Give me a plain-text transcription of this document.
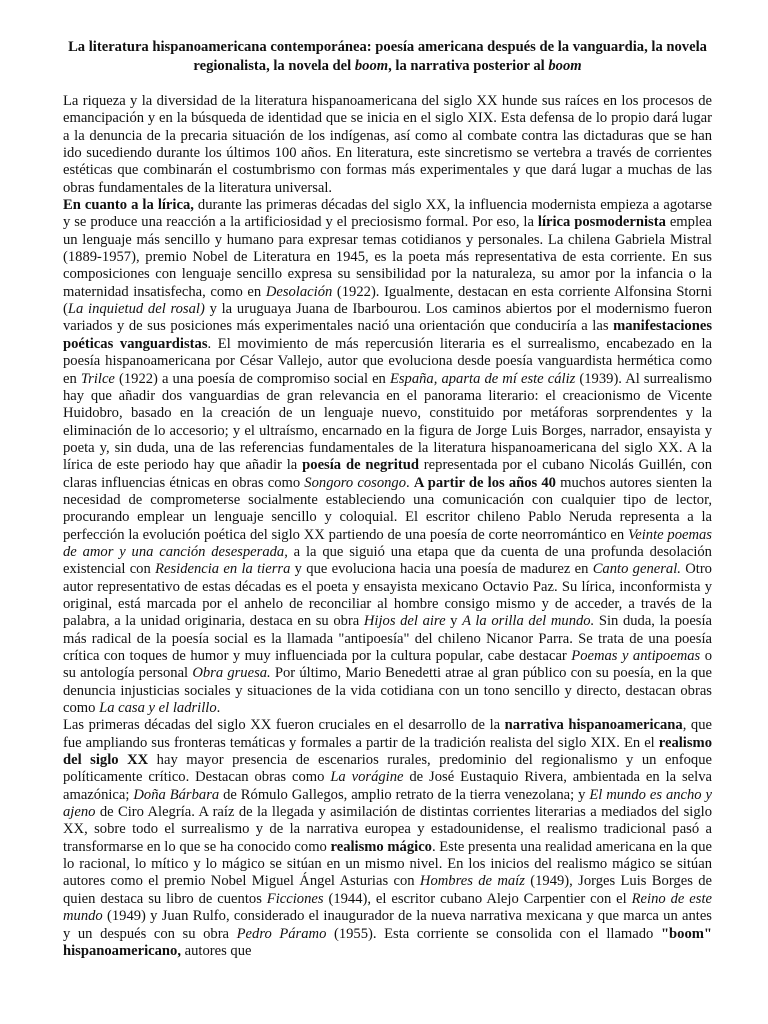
La literatura hispanoamericana contemporánea: poesía americana después de la vanguardia, la novela regionalista, la novela del boom, la narrativa posterior al boom

La riqueza y la diversidad de la literatura hispanoamericana del siglo XX hunde sus raíces en los procesos de emancipación y en la búsqueda de identidad que se inicia en el siglo XIX. Esta defensa de lo propio dará lugar a la denuncia de la precaria situación de los indígenas, así como al combate contra las dictaduras que se han ido sucediendo durante los últimos 100 años. En literatura, este sincretismo se vertebra a través de corrientes estéticas que combinarán el costumbrismo con formas más experimentales y que dará lugar a muchas de las obras fundamentales de la literatura universal.

En cuanto a la lírica, durante las primeras décadas del siglo XX, la influencia modernista empieza a agotarse y se produce una reacción a la artificiosidad y el preciosismo formal. Por eso, la lírica posmodernista emplea un lenguaje más sencillo y humano para expresar temas cotidianos y personales. La chilena Gabriela Mistral (1889-1957), premio Nobel de Literatura en 1945, es la poeta más representativa de esta corriente. En sus composiciones con lenguaje sencillo expresa su sensibilidad por la naturaleza, su amor por la infancia o la maternidad insatisfecha, como en Desolación (1922). Igualmente, destacan en esta corriente Alfonsina Storni (La inquietud del rosal) y la uruguaya Juana de Ibarbourou. Los caminos abiertos por el modernismo fueron variados y de sus posiciones más experimentales nació una orientación que conduciría a las manifestaciones poéticas vanguardistas. El movimiento de más repercusión literaria es el surrealismo, encabezado en la poesía hispanoamericana por César Vallejo, autor que evoluciona desde poesía vanguardista hermética como en Trilce (1922) a una poesía de compromiso social en España, aparta de mí este cáliz (1939). Al surrealismo hay que añadir dos vanguardias de gran relevancia en el panorama literario: el creacionismo de Vicente Huidobro, basado en la creación de un lenguaje nuevo, constituido por metáforas sorprendentes y la eliminación de lo accesorio; y el ultraísmo, encarnado en la figura de Jorge Luis Borges, narrador, ensayista y poeta y, sin duda, una de las referencias fundamentales de la literatura hispanoamericana del siglo XX. A la lírica de este periodo hay que añadir la poesía de negritud representada por el cubano Nicolás Guillén, con claras influencias étnicas en obras como Songoro cosongo. A partir de los años 40 muchos autores sienten la necesidad de comprometerse socialmente estableciendo una comunicación con cualquier tipo de lector, procurando emplear un lenguaje sencillo y coloquial. El escritor chileno Pablo Neruda representa a la perfección la evolución poética del siglo XX partiendo de una poesía de corte neorromántico en Veinte poemas de amor y una canción desesperada, a la que siguió una etapa que da cuenta de una profunda desolación existencial con Residencia en la tierra y que evoluciona hacia una poesía de madurez en Canto general. Otro autor representativo de estas décadas es el poeta y ensayista mexicano Octavio Paz. Su lírica, inconformista y original, está marcada por el anhelo de reconciliar al hombre consigo mismo y de acceder, a través de la palabra, a la unidad originaria, destaca en su obra Hijos del aire y A la orilla del mundo. Sin duda, la poesía más radical de la poesía social es la llamada "antipoesía" del chileno Nicanor Parra. Se trata de una poesía crítica con toques de humor y muy influenciada por la cultura popular, cabe destacar Poemas y antipoemas o su antología personal Obra gruesa. Por último, Mario Benedetti atrae al gran público con su poesía, en la que denuncia injusticias sociales y situaciones de la vida cotidiana con un tono sencillo y directo, destacan obras como La casa y el ladrillo.

Las primeras décadas del siglo XX fueron cruciales en el desarrollo de la narrativa hispanoamericana, que fue ampliando sus fronteras temáticas y formales a partir de la tradición realista del siglo XIX. En el realismo del siglo XX hay mayor presencia de escenarios rurales, predominio del regionalismo y un enfoque políticamente crítico. Destacan obras como La vorágine de José Eustaquio Rivera, ambientada en la selva amazónica; Doña Bárbara de Rómulo Gallegos, amplio retrato de la tierra venezolana; y El mundo es ancho y ajeno de Ciro Alegría. A raíz de la llegada y asimilación de distintas corrientes literarias a mediados del siglo XX, sobre todo el surrealismo y de la narrativa europea y estadounidense, el realismo tradicional pasó a transformarse en lo que se ha conocido como realismo mágico. Este presenta una realidad americana en la que lo racional, lo mítico y lo mágico se sitúan en un mismo nivel. En los inicios del realismo mágico se sitúan autores como el premio Nobel Miguel Ángel Asturias con Hombres de maíz (1949), Jorges Luis Borges de quien destaca su libro de cuentos Ficciones (1944), el escritor cubano Alejo Carpentier con el Reino de este mundo (1949) y Juan Rulfo, considerado el inaugurador de la nueva narrativa mexicana y que marca un antes y un después con su obra Pedro Páramo (1955). Esta corriente se consolida con el llamado "boom" hispanoamericano, autores que
